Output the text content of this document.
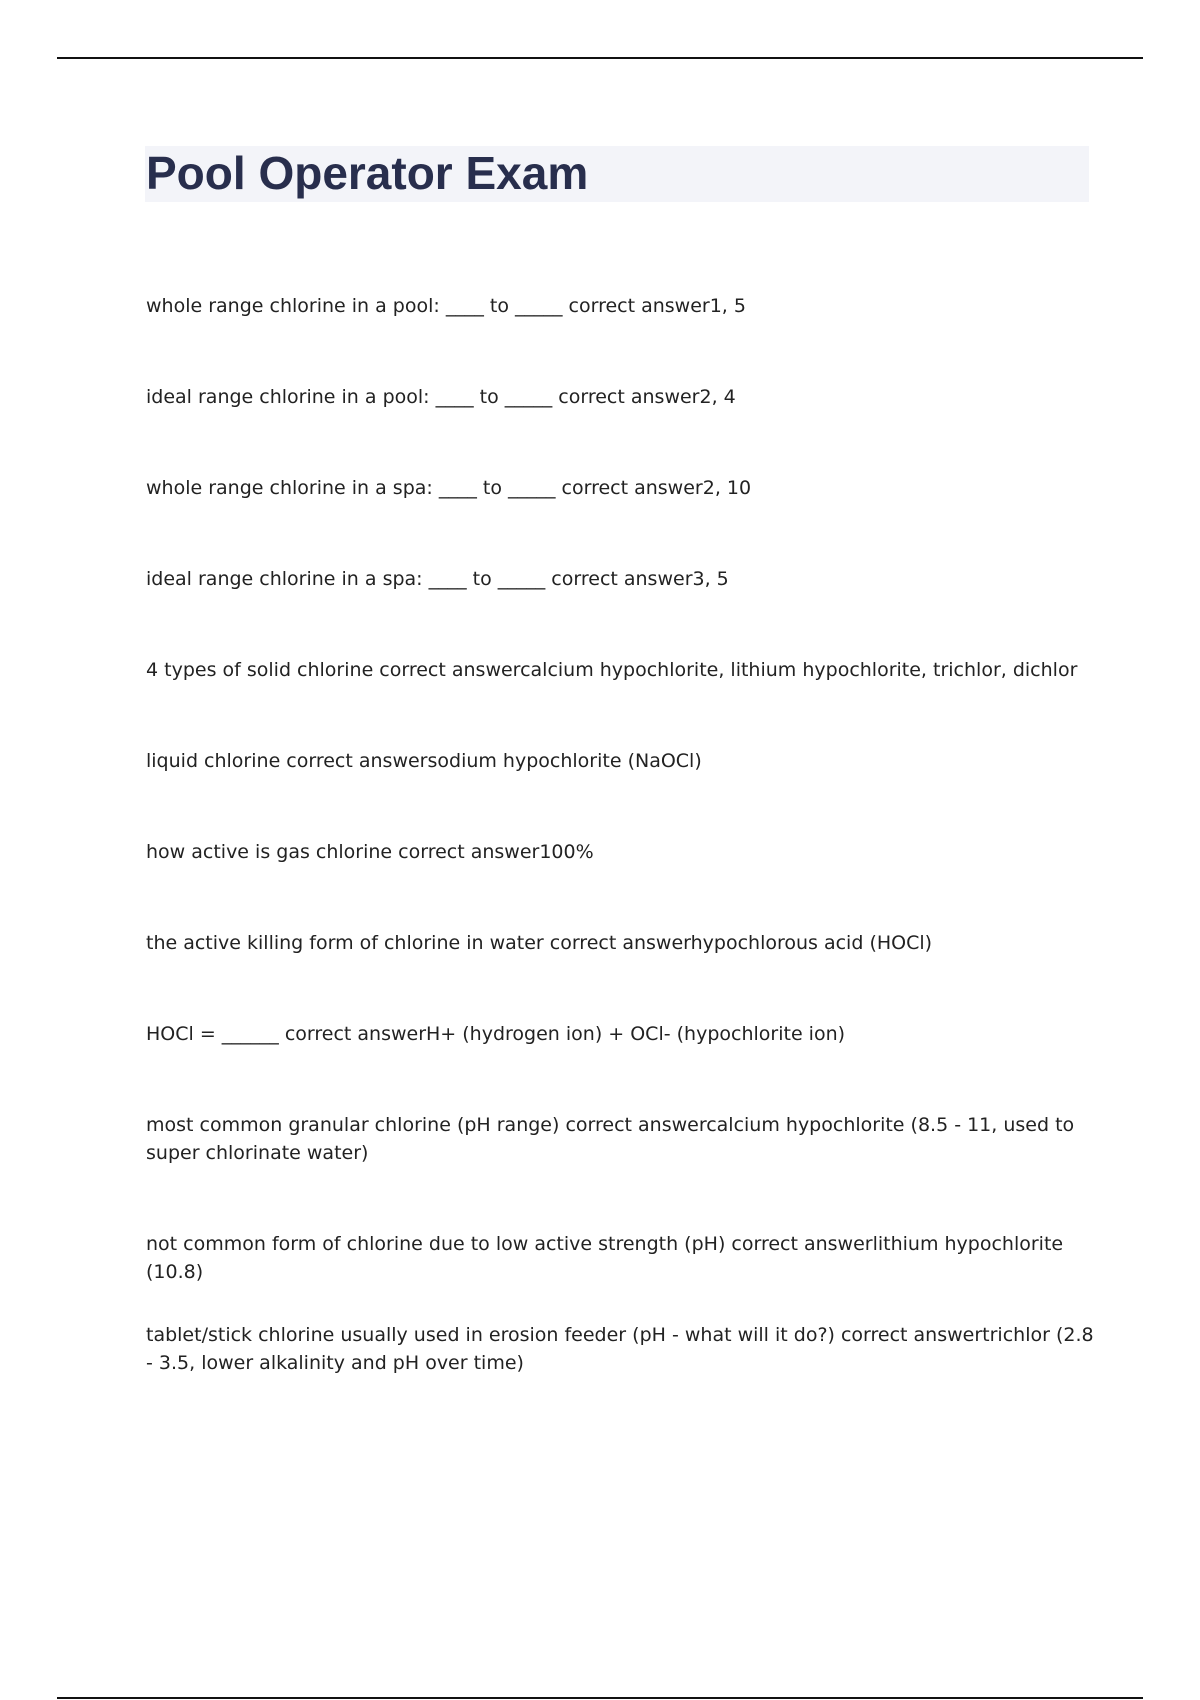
Pool Operator Exam

whole range chlorine in a pool: ____ to _____ correct answer1, 5

ideal range chlorine in a pool: ____ to _____ correct answer2, 4

whole range chlorine in a spa: ____ to _____ correct answer2, 10

ideal range chlorine in a spa: ____ to _____ correct answer3, 5

4 types of solid chlorine correct answercalcium hypochlorite, lithium hypochlorite, trichlor, dichlor

liquid chlorine correct answersodium hypochlorite (NaOCl)

how active is gas chlorine correct answer100%

the active killing form of chlorine in water correct answerhypochlorous acid (HOCl)

HOCl = ______ correct answerH+ (hydrogen ion) + OCl- (hypochlorite ion)

most common granular chlorine (pH range) correct answercalcium hypochlorite (8.5 - 11, used to super chlorinate water)

not common form of chlorine due to low active strength (pH) correct answerlithium hypochlorite (10.8)

tablet/stick chlorine usually used in erosion feeder (pH - what will it do?) correct answertrichlor (2.8 - 3.5, lower alkalinity and pH over time)
